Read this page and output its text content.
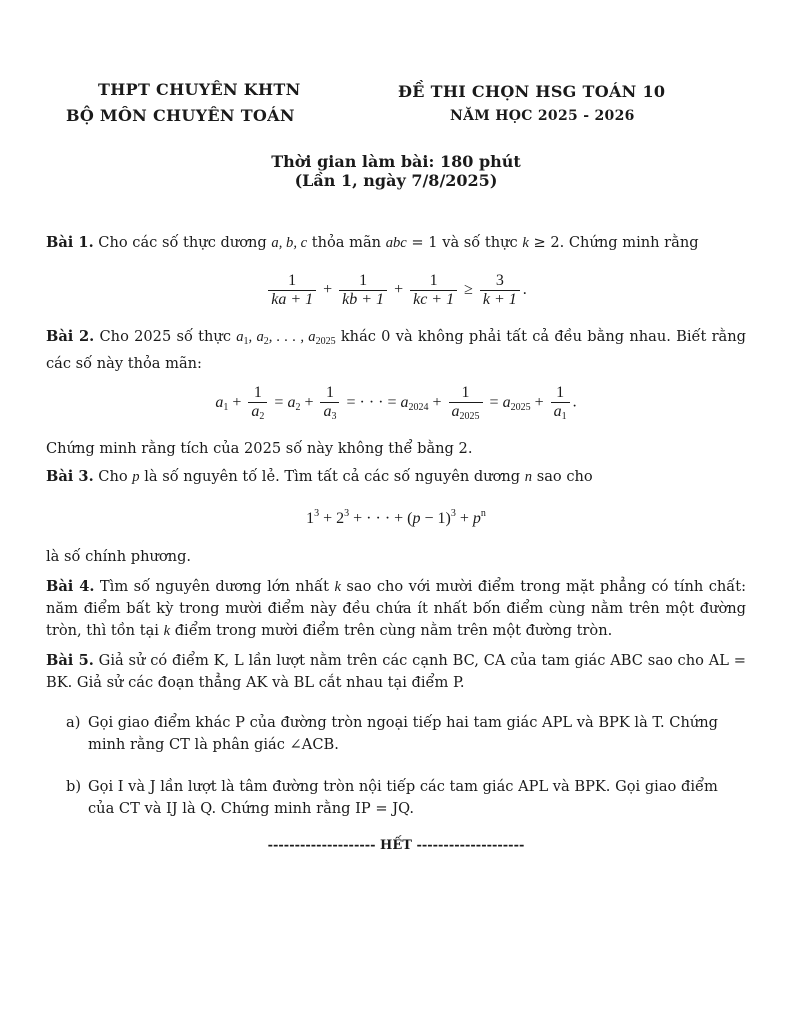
THPT CHUYÊN KHTN
BỘ MÔN CHUYÊN TOÁN
ĐỀ THI CHỌN HSG TOÁN 10
NĂM HỌC 2025 - 2026
Thời gian làm bài: 180 phút
(Lần 1, ngày 7/8/2025)
Bài 1. Cho các số thực dương a, b, c thỏa mãn abc = 1 và số thực k ≥ 2. Chứng minh rằng
$\frac{1}{ka + 1} + \frac{1}{kb + 1} + \frac{1}{kc + 1} \ge \frac{3}{k + 1}$ .
Bài 2. Cho 2025 số thực $a_1$, $a_2$, . . . , $a_{2025}$ khác 0 và không phải tất cả đều bằng nhau. Biết rằng các số này thỏa mãn:
$a_1 + \frac{1}{a_2} = a_2 + \frac{1}{a_3}$ = · · · = $a_{2024} + \frac{1}{a_{2025}} = a_{2025} + \frac{1}{a_1}$ .
Chứng minh rằng tích của 2025 số này không thể bằng 2.
Bài 3. Cho p là số nguyên tố lẻ. Tìm tất cả các số nguyên dương n sao cho
$1^3 + 2^3$ + · · · + $(p - 1)^3 + p^n$
là số chính phương.
Bài 4. Tìm số nguyên dương lớn nhất k sao cho với mười điểm trong mặt phẳng có tính chất: năm điểm bất kỳ trong mười điểm này đều chứa ít nhất bốn điểm cùng nằm trên một đường tròn, thì tồn tại k điểm trong mười điểm trên cùng nằm trên một đường tròn.
Bài 5. Giả sử có điểm K, L lần lượt nằm trên các cạnh BC, CA của tam giác ABC sao cho AL = BK. Giả sử các đoạn thẳng AK và BL cắt nhau tại điểm P.
a) Gọi giao điểm khác P của đường tròn ngoại tiếp hai tam giác APL và BPK là T. Chứng minh rằng CT là phân giác ∠ACB.
b) Gọi I và J lần lượt là tâm đường tròn nội tiếp các tam giác APL và BPK. Gọi giao điểm của CT và IJ là Q. Chứng minh rằng IP = JQ.
-------------------- HẾT --------------------
